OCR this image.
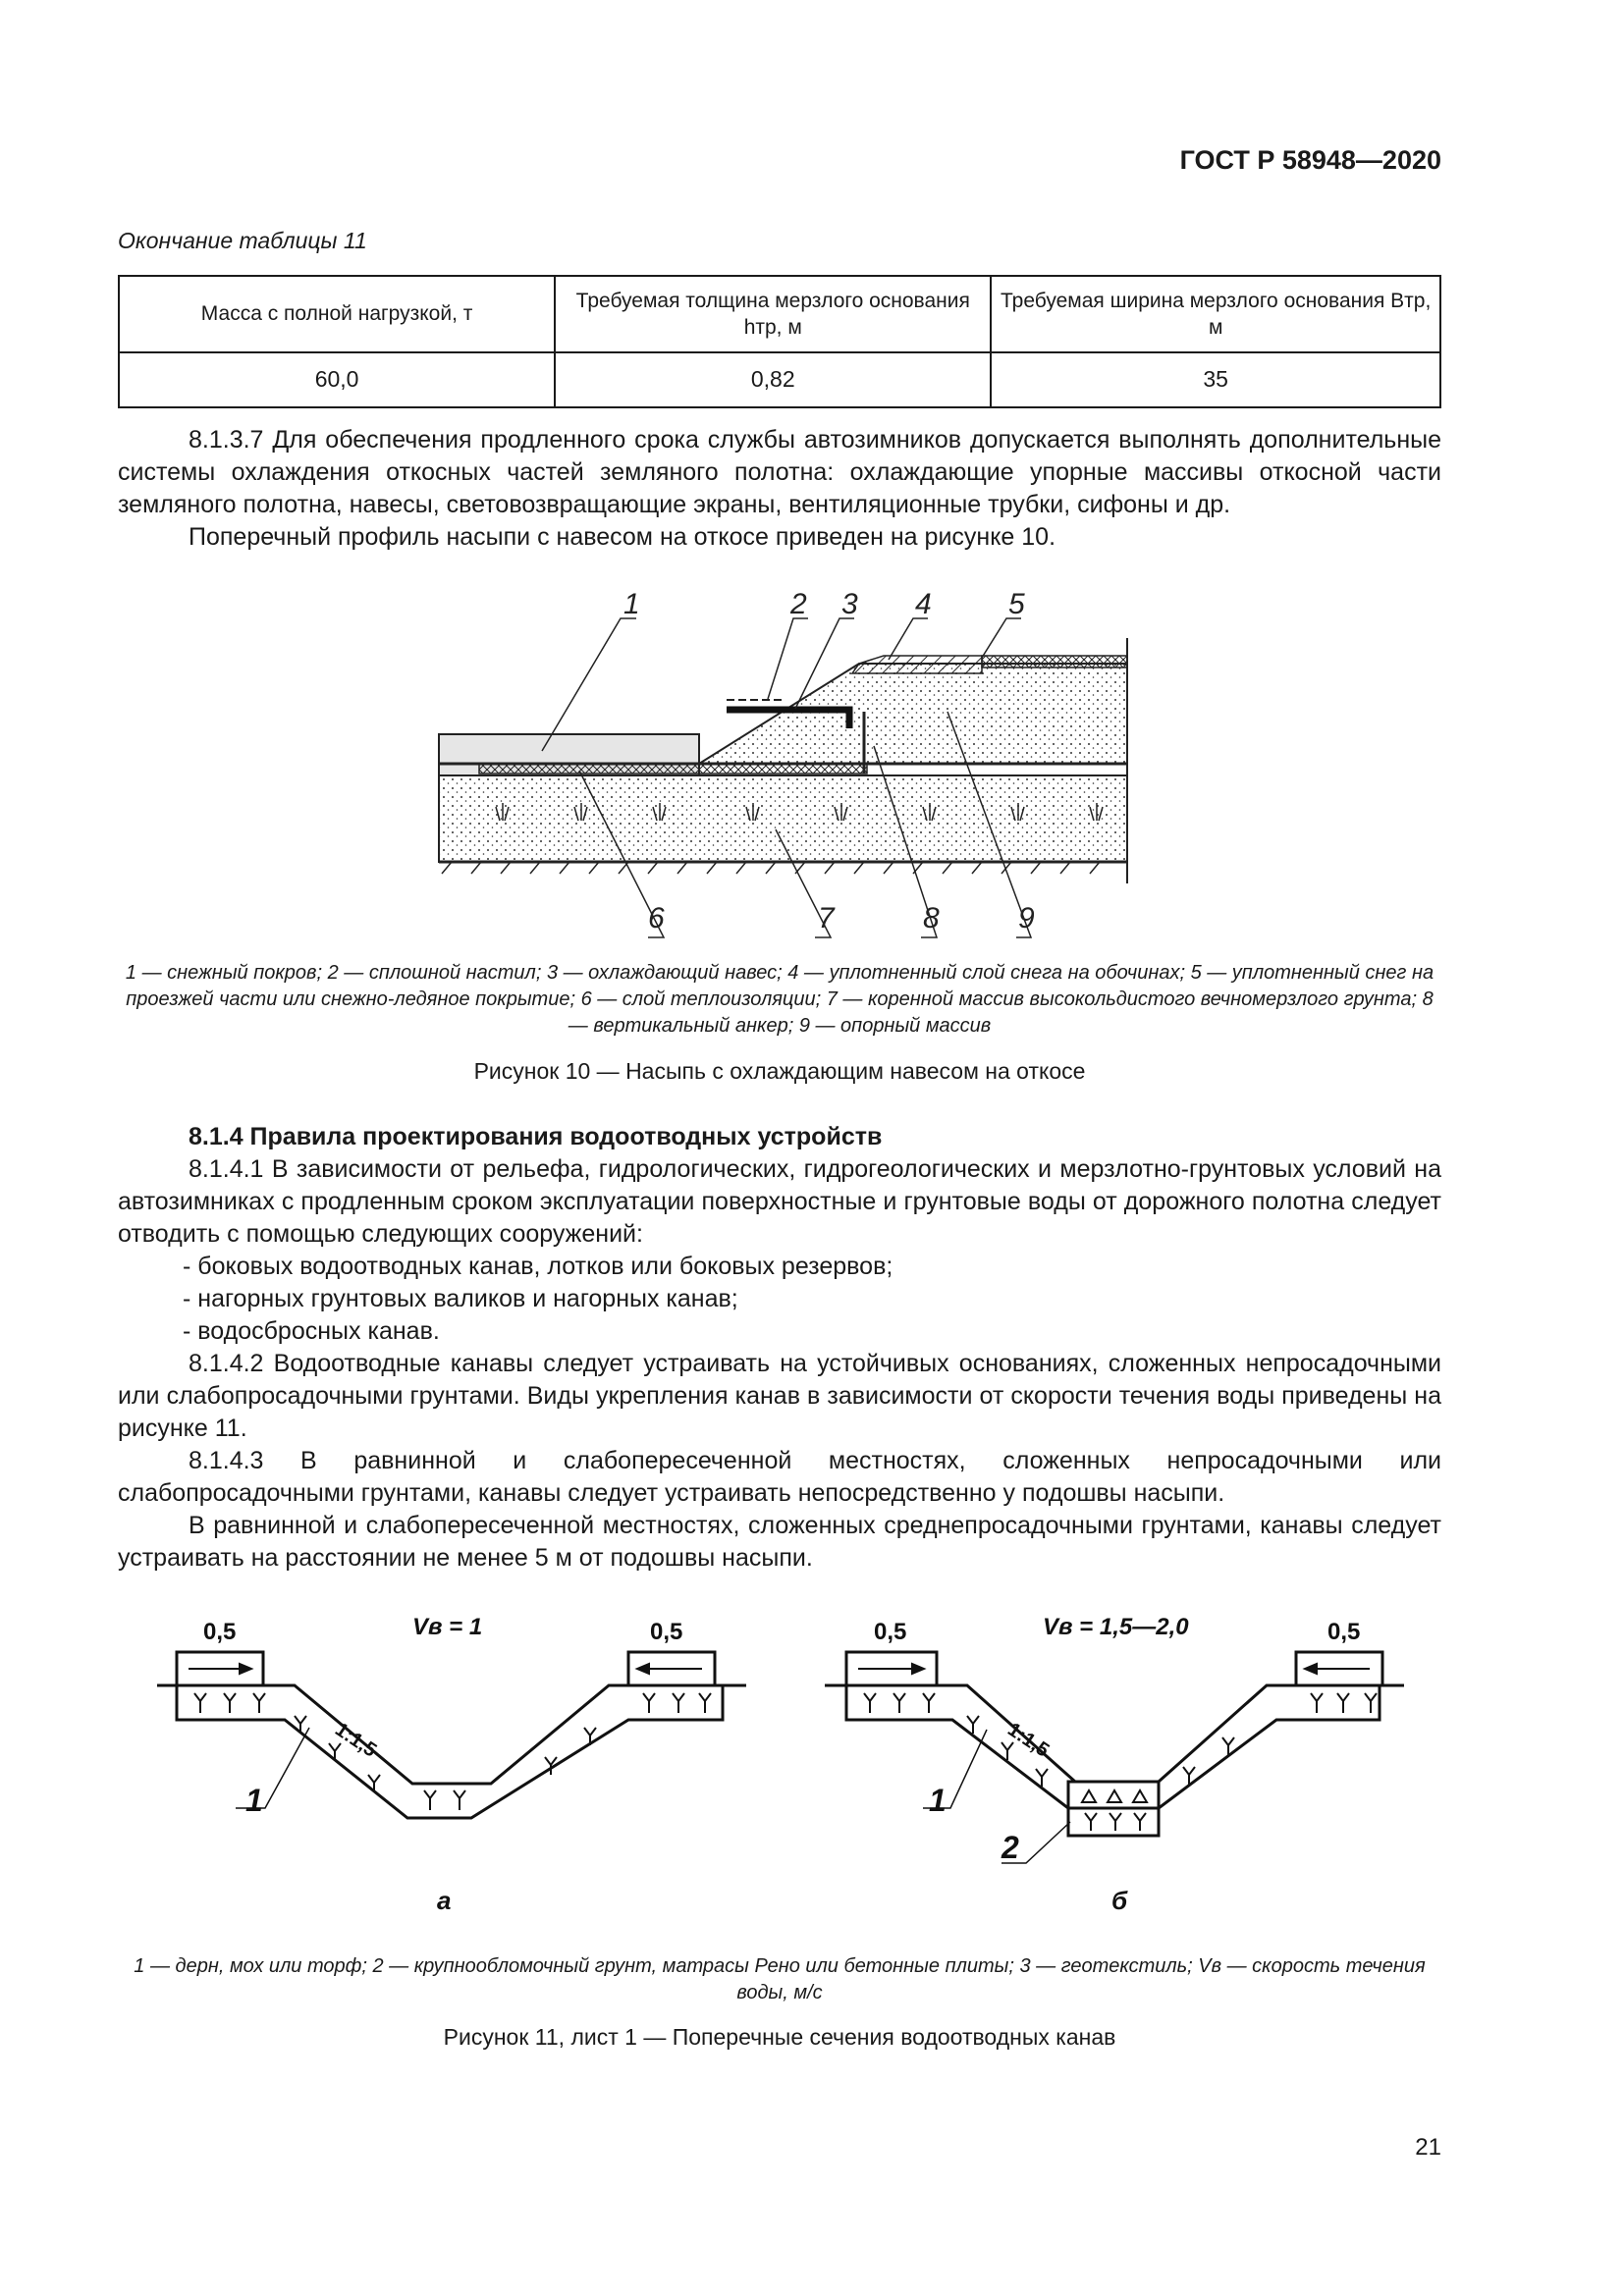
ГОСТ Р 58948—2020
Окончание таблицы 11
Масса с полной нагрузкой, т	Требуемая толщина мерзлого основания hтр, м	Требуемая ширина мерзлого основания Bтр, м
60,0	0,82	35
8.1.3.7 Для обеспечения продленного срока службы автозимников допускается выполнять дополнительные системы охлаждения откосных частей земляного полотна: охлаждающие упорные массивы откосной части земляного полотна, навесы, световозвращающие экраны, вентиляционные трубки, сифоны и др.
Поперечный профиль насыпи с навесом на откосе приведен на рисунке 10.
1	2 3 4	5
6	7	8	9
1 — снежный покров; 2 — сплошной настил; 3 — охлаждающий навес; 4 — уплотненный слой снега на обочинах; 5 — уплотненный снег на проезжей части или снежно-ледяное покрытие; 6 — слой теплоизоляции; 7 — коренной массив высокольдистого вечномерзлого грунта; 8 — вертикальный анкер; 9 — опорный массив
Рисунок 10 — Насыпь с охлаждающим навесом на откосе
8.1.4 Правила проектирования водоотводных устройств
8.1.4.1 В зависимости от рельефа, гидрологических, гидрогеологических и мерзлотно-грунтовых условий на автозимниках с продленным сроком эксплуатации поверхностные и грунтовые воды от дорожного полотна следует отводить с помощью следующих сооружений:
- боковых водоотводных канав, лотков или боковых резервов;
- нагорных грунтовых валиков и нагорных канав;
- водосбросных канав.
8.1.4.2 Водоотводные канавы следует устраивать на устойчивых основаниях, сложенных непросадочными или слабопросадочными грунтами. Виды укрепления канав в зависимости от скорости течения воды приведены на рисунке 11.
8.1.4.3 В равнинной и слабопересеченной местностях, сложенных непросадочными или слабопросадочными грунтами, канавы следует устраивать непосредственно у подошвы насыпи.
В равнинной и слабопересеченной местностях, сложенных среднепросадочными грунтами, канавы следует устраивать на расстоянии не менее 5 м от подошвы насыпи.
0,5	0,5
Vв = 1
1:1,5
1
а
0,5	0,5
Vв = 1,5—2,0
1:1,5
1
2
б
1 — дерн, мох или торф; 2 — крупнообломочный грунт, матрасы Рено или бетонные плиты; 3 — геотекстиль; Vв — скорость течения воды, м/с
Рисунок 11, лист 1 — Поперечные сечения водоотводных канав
21
